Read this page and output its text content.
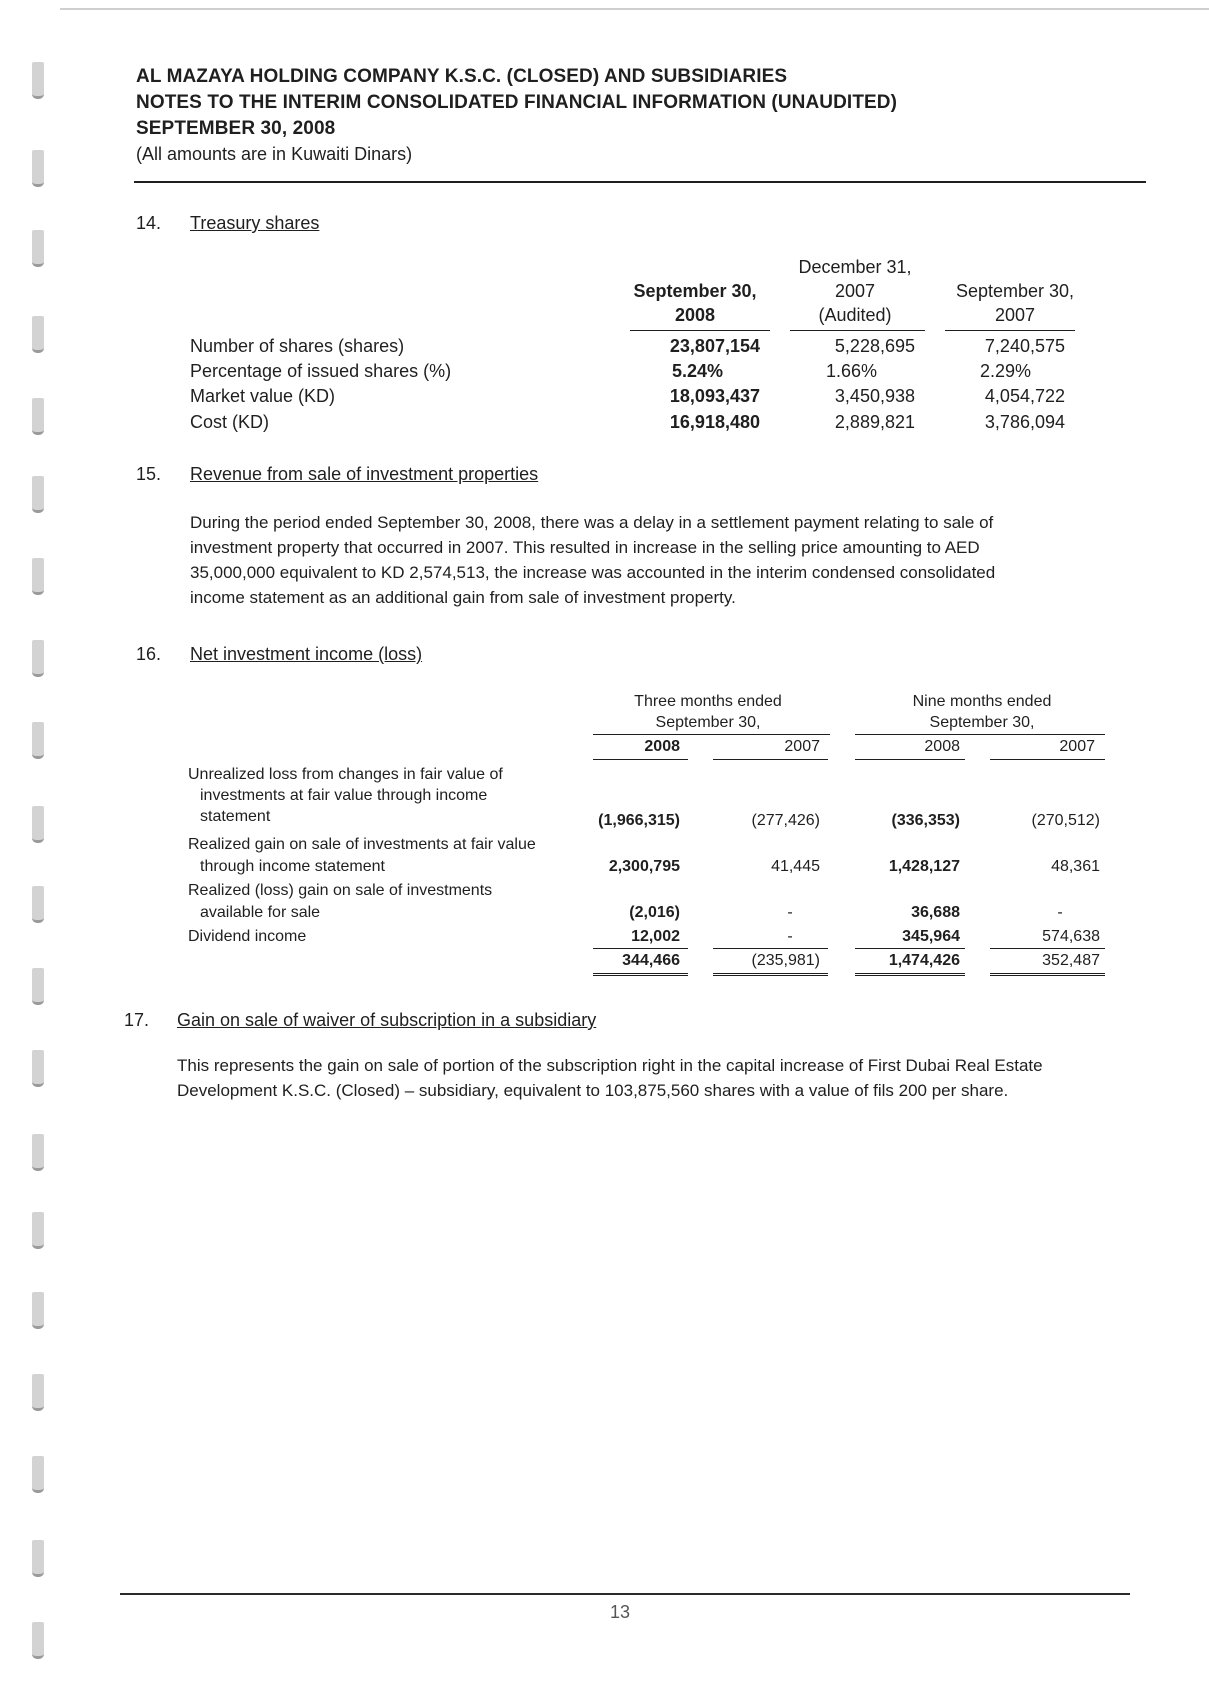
AL MAZAYA HOLDING COMPANY K.S.C. (CLOSED) AND SUBSIDIARIES
NOTES TO THE INTERIM CONSOLIDATED FINANCIAL INFORMATION (UNAUDITED)
SEPTEMBER 30, 2008
(All amounts are in Kuwaiti Dinars)
14. Treasury shares
September 30,
2008
December 31,
2007
(Audited)
September 30,
2007
Number of shares (shares)	23,807,154	5,228,695	7,240,575
Percentage of issued shares (%)	5.24%	1.66%	2.29%
Market value (KD)	18,093,437	3,450,938	4,054,722
Cost (KD)	16,918,480	2,889,821	3,786,094
15. Revenue from sale of investment properties
During the period ended September 30, 2008, there was a delay in a settlement payment relating to sale of investment property that occurred in 2007. This resulted in increase in the selling price amounting to AED 35,000,000 equivalent to KD 2,574,513, the increase was accounted in the interim condensed consolidated income statement as an additional gain from sale of investment property.
16. Net investment income (loss)
Three months ended
September 30,
Nine months ended
September 30,
2008	2007	2008	2007
Unrealized loss from changes in fair value of
investments at fair value through income
statement	(1,966,315)	(277,426)	(336,353)	(270,512)
Realized gain on sale of investments at fair value
through income statement	2,300,795	41,445	1,428,127	48,361
Realized (loss) gain on sale of investments
available for sale	(2,016)	-	36,688	-
Dividend income	12,002	-	345,964	574,638
344,466	(235,981)	1,474,426	352,487
17. Gain on sale of waiver of subscription in a subsidiary
This represents the gain on sale of portion of the subscription right in the capital increase of First Dubai Real Estate Development K.S.C. (Closed) – subsidiary, equivalent to 103,875,560 shares with a value of fils 200 per share.
13
